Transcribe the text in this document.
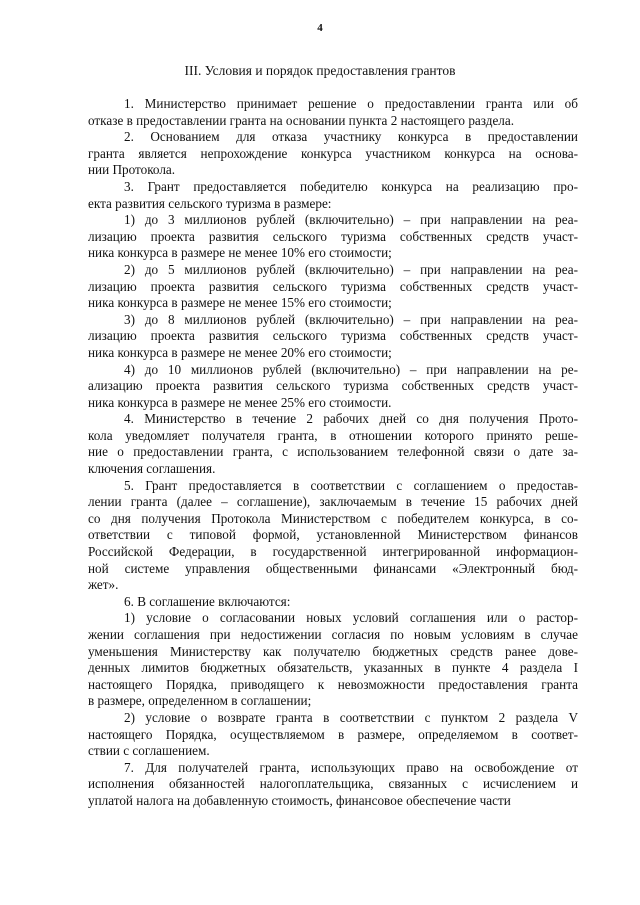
4
III. Условия и порядок предоставления грантов
1. Министерство принимает решение о предоставлении гранта или об
отказе в предоставлении гранта на основании пункта 2 настоящего раздела.
2. Основанием для отказа участнику конкурса в предоставлении
гранта является непрохождение конкурса участником конкурса на основа-
нии Протокола.
3. Грант предоставляется победителю конкурса на реализацию про-
екта развития сельского туризма в размере:
1) до 3 миллионов рублей (включительно) – при направлении на реа-
лизацию проекта развития сельского туризма собственных средств участ-
ника конкурса в размере не менее 10% его стоимости;
2) до 5 миллионов рублей (включительно) – при направлении на реа-
лизацию проекта развития сельского туризма собственных средств участ-
ника конкурса в размере не менее 15% его стоимости;
3) до 8 миллионов рублей (включительно) – при направлении на реа-
лизацию проекта развития сельского туризма собственных средств участ-
ника конкурса в размере не менее 20% его стоимости;
4) до 10 миллионов рублей (включительно) – при направлении на ре-
ализацию проекта развития сельского туризма собственных средств участ-
ника конкурса в размере не менее 25% его стоимости.
4. Министерство в течение 2 рабочих дней со дня получения Прото-
кола уведомляет получателя гранта, в отношении которого принято реше-
ние о предоставлении гранта, с использованием телефонной связи о дате за-
ключения соглашения.
5. Грант предоставляется в соответствии с соглашением о предостав-
лении гранта (далее – соглашение), заключаемым в течение 15 рабочих дней
со дня получения Протокола Министерством с победителем конкурса, в со-
ответствии с типовой формой, установленной Министерством финансов
Российской Федерации, в государственной интегрированной информацион-
ной системе управления общественными финансами «Электронный бюд-
жет».
6. В соглашение включаются:
1) условие о согласовании новых условий соглашения или о растор-
жении соглашения при недостижении согласия по новым условиям в случае
уменьшения Министерству как получателю бюджетных средств ранее дове-
денных лимитов бюджетных обязательств, указанных в пункте 4 раздела I
настоящего Порядка, приводящего к невозможности предоставления гранта
в размере, определенном в соглашении;
2) условие о возврате гранта в соответствии с пунктом 2 раздела V
настоящего Порядка, осуществляемом в размере, определяемом в соответ-
ствии с соглашением.
7. Для получателей гранта, использующих право на освобождение от
исполнения обязанностей налогоплательщика, связанных с исчислением и
уплатой налога на добавленную стоимость, финансовое обеспечение части
